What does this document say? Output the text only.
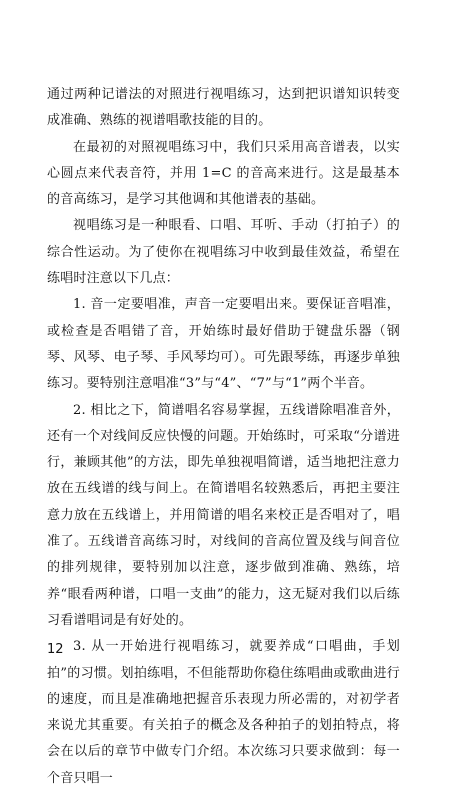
通过两种记谱法的对照进行视唱练习，达到把识谱知识转变成准确、熟练的视谱唱歌技能的目的。

在最初的对照视唱练习中，我们只采用高音谱表，以实心圆点来代表音符，并用 1=C 的音高来进行。这是最基本的音高练习，是学习其他调和其他谱表的基础。

视唱练习是一种眼看、口唱、耳听、手动（打拍子）的综合性运动。为了使你在视唱练习中收到最佳效益，希望在练唱时注意以下几点：

1. 音一定要唱准，声音一定要唱出来。要保证音唱准，或检查是否唱错了音，开始练时最好借助于键盘乐器（钢琴、风琴、电子琴、手风琴均可）。可先跟琴练，再逐步单独练习。要特别注意唱准“3”与“4”、“7”与“1”两个半音。

2. 相比之下，简谱唱名容易掌握，五线谱除唱准音外，还有一个对线间反应快慢的问题。开始练时，可采取“分谱进行，兼顾其他”的方法，即先单独视唱简谱，适当地把注意力放在五线谱的线与间上。在简谱唱名较熟悉后，再把主要注意力放在五线谱上，并用简谱的唱名来校正是否唱对了，唱准了。五线谱音高练习时，对线间的音高位置及线与间音位的排列规律，要特别加以注意，逐步做到准确、熟练，培养“眼看两种谱，口唱一支曲”的能力，这无疑对我们以后练习看谱唱词是有好处的。

3. 从一开始进行视唱练习，就要养成“口唱曲，手划拍”的习惯。划拍练唱，不但能帮助你稳住练唱曲或歌曲进行的速度，而且是准确地把握音乐表现力所必需的，对初学者来说尤其重要。有关拍子的概念及各种拍子的划拍特点，将会在以后的章节中做专门介绍。本次练习只要求做到：每一个音只唱一

12
